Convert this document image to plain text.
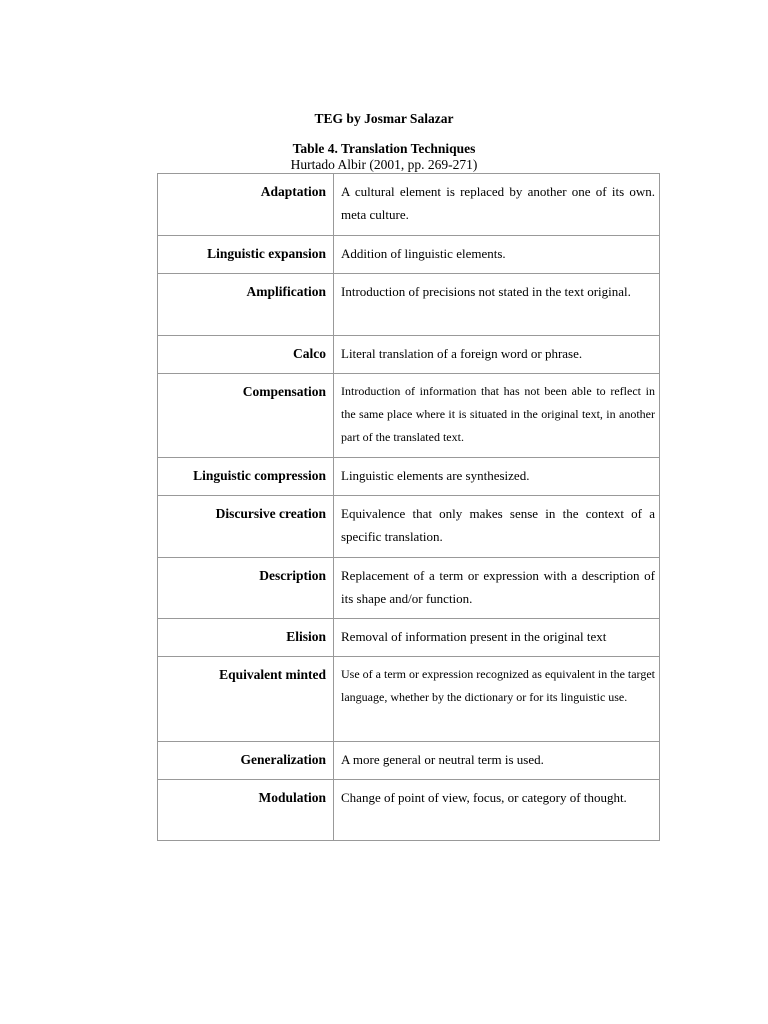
TEG by Josmar Salazar
Table 4. Translation Techniques
Hurtado Albir (2001, pp. 269-271)
Adaptation	A cultural element is replaced by another one of its own. meta culture.
Linguistic expansion	Addition of linguistic elements.
Amplification	Introduction of precisions not stated in the text original.
Calco	Literal translation of a foreign word or phrase.
Compensation	Introduction of information that has not been able to reflect in the same place where it is situated in the original text, in another part of the translated text.
Linguistic compression	Linguistic elements are synthesized.
Discursive creation	Equivalence that only makes sense in the context of a specific translation.
Description	Replacement of a term or expression with a description of its shape and/or function.
Elision	Removal of information present in the original text
Equivalent minted	Use of a term or expression recognized as equivalent in the target language, whether by the dictionary or for its linguistic use.
Generalization	A more general or neutral term is used.
Modulation	Change of point of view, focus, or category of thought.
